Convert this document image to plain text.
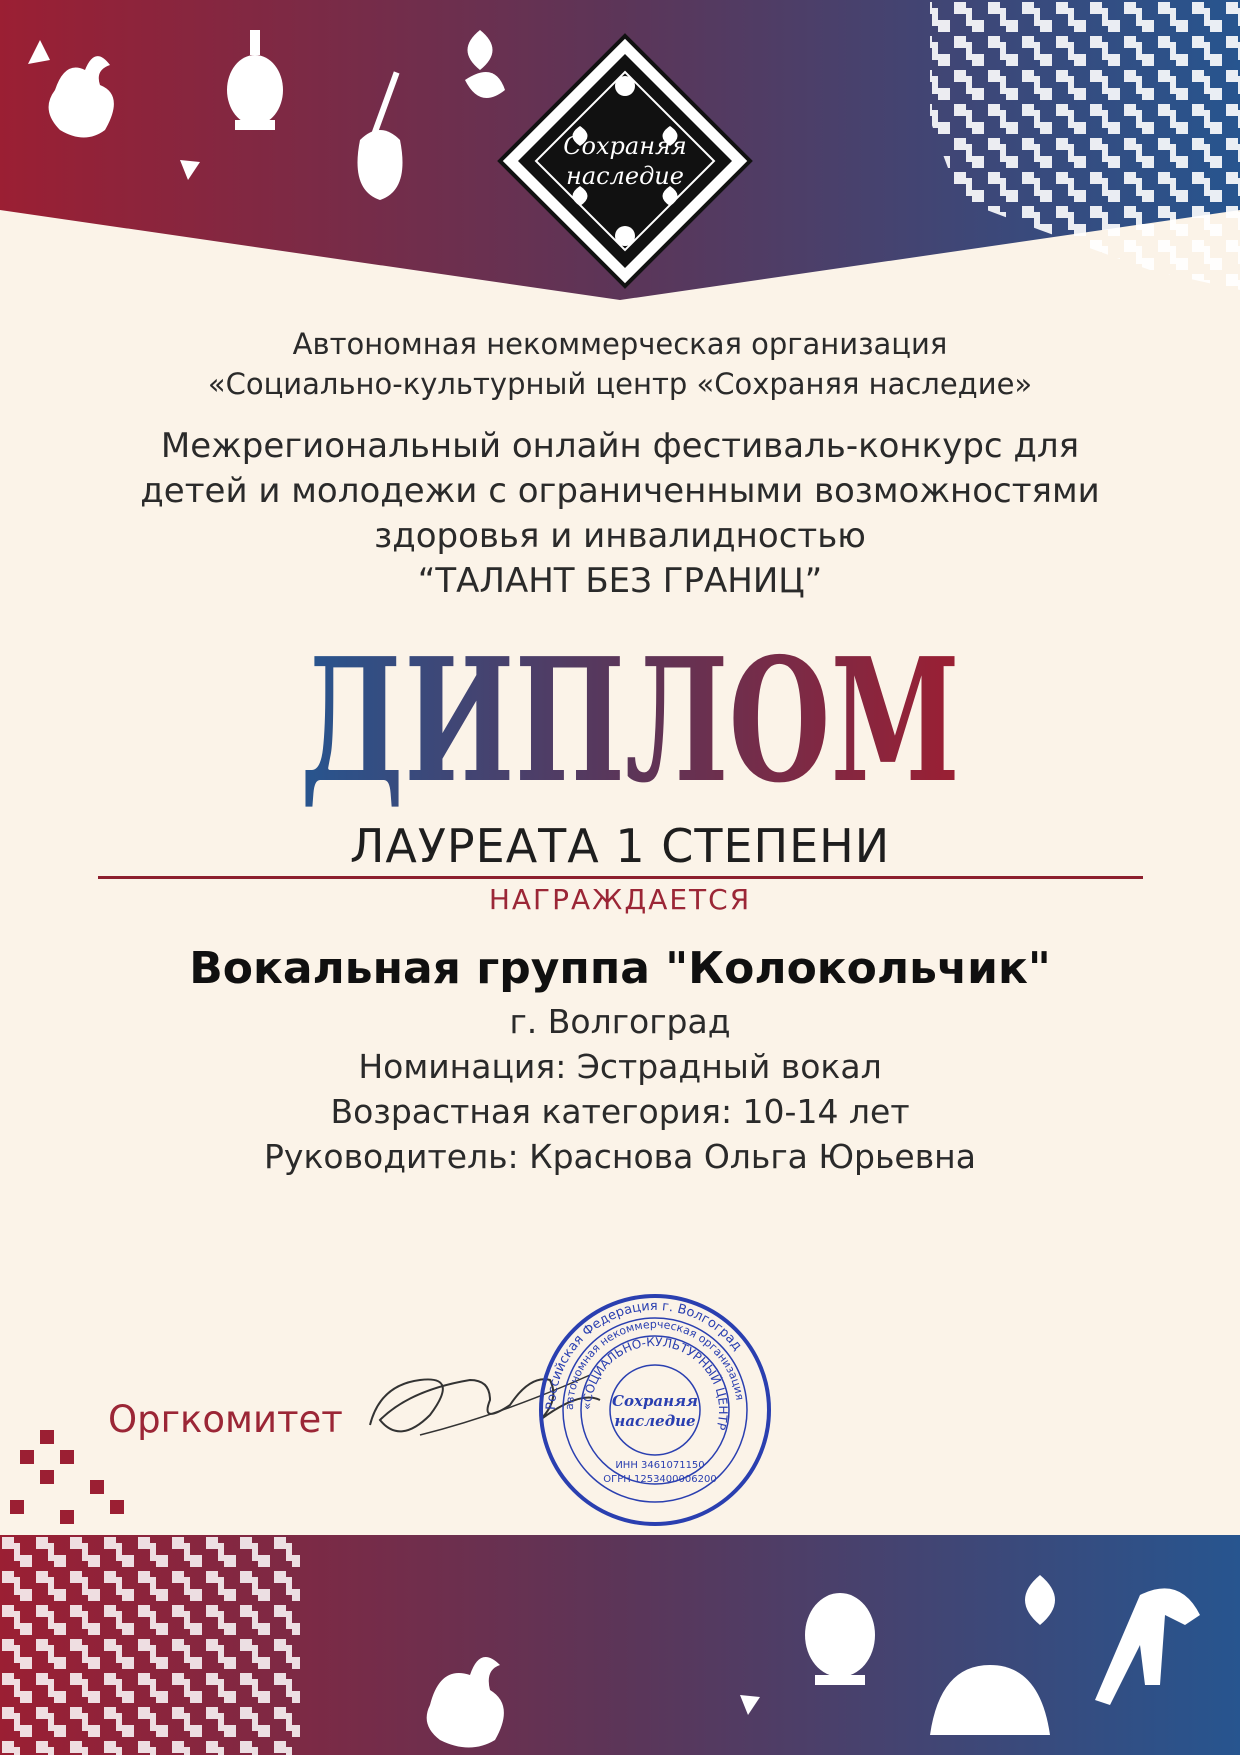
Сохраняя
наследие
Автономная некоммерческая организация
«Социально-культурный центр «Сохраняя наследие»
Межрегиональный онлайн фестиваль-конкурс для
детей и молодежи с ограниченными возможностями
здоровья и инвалидностью
“ТАЛАНТ БЕЗ ГРАНИЦ”
ДИПЛОМ
ЛАУРЕАТА 1 СТЕПЕНИ
НАГРАЖДАЕТСЯ
Вокальная группа "Колокольчик"
г. Волгоград
Номинация: Эстрадный вокал
Возрастная категория: 10-14 лет
Руководитель: Краснова Ольга Юрьевна
Оргкомитет	Российская Федерация г. Волгоград
автономная некоммерческая организация
«СОЦИАЛЬНО-КУЛЬТУРНЫЙ ЦЕНТР
Сохраняя
наследие
ИНН 3461071150
ОГРН 1253400006200
